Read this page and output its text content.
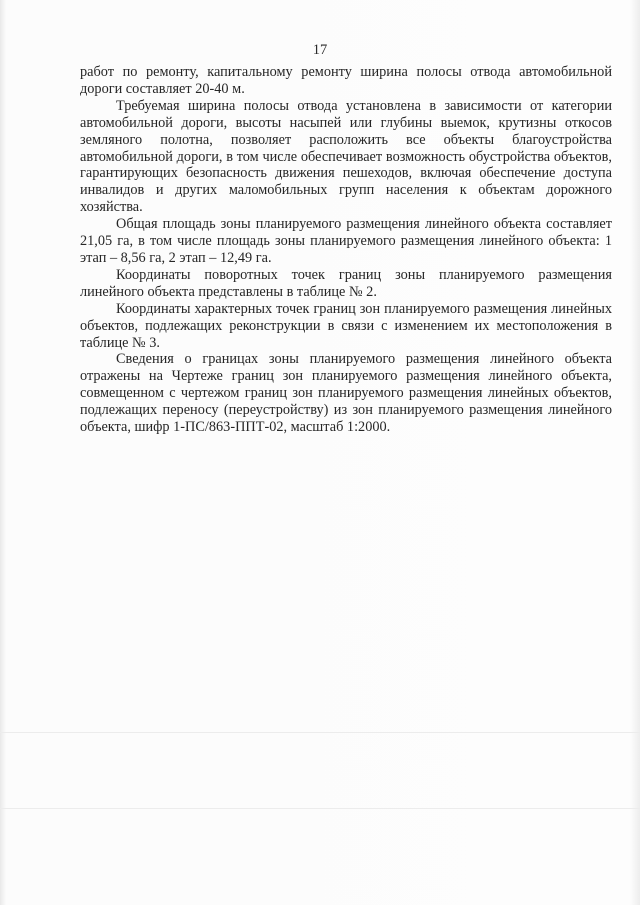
17

работ по ремонту, капитальному ремонту ширина полосы отвода автомобильной дороги составляет 20-40 м.

Требуемая ширина полосы отвода установлена в зависимости от категории автомобильной дороги, высоты насыпей или глубины выемок, крутизны откосов земляного полотна, позволяет расположить все объекты благоустройства автомобильной дороги, в том числе обеспечивает возможность обустройства объектов, гарантирующих безопасность движения пешеходов, включая обеспечение доступа инвалидов и других маломобильных групп населения к объектам дорожного хозяйства.

Общая площадь зоны планируемого размещения линейного объекта составляет 21,05 га, в том числе площадь зоны планируемого размещения линейного объекта: 1 этап – 8,56 га, 2 этап – 12,49 га.

Координаты поворотных точек границ зоны планируемого размещения линейного объекта представлены в таблице № 2.

Координаты характерных точек границ зон планируемого размещения линейных объектов, подлежащих реконструкции в связи с изменением их местоположения в таблице № 3.

Сведения о границах зоны планируемого размещения линейного объекта отражены на Чертеже границ зон планируемого размещения линейного объекта, совмещенном с чертежом границ зон планируемого размещения линейных объектов, подлежащих переносу (переустройству) из зон планируемого размещения линейного объекта, шифр 1-ПС/863-ППТ-02, масштаб 1:2000.
